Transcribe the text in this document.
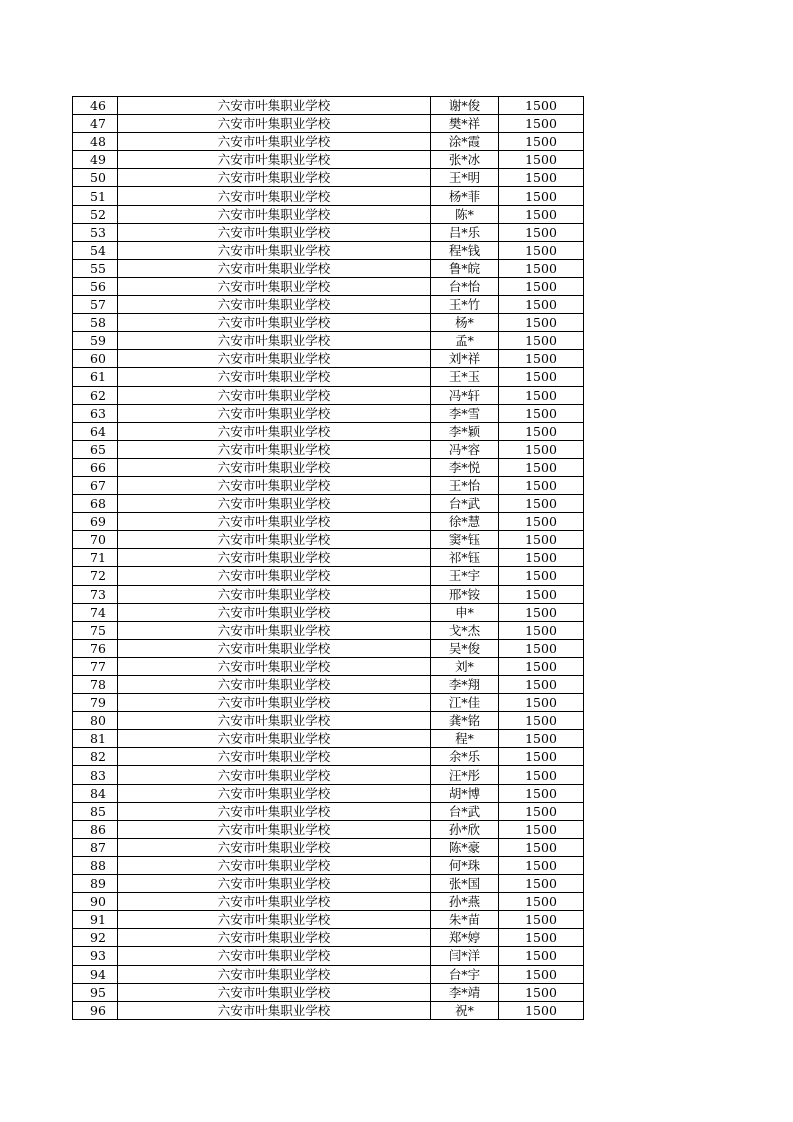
46	六安市叶集职业学校	谢*俊	1500
47	六安市叶集职业学校	樊*祥	1500
48	六安市叶集职业学校	涂*霞	1500
49	六安市叶集职业学校	张*冰	1500
50	六安市叶集职业学校	王*明	1500
51	六安市叶集职业学校	杨*菲	1500
52	六安市叶集职业学校	陈*	1500
53	六安市叶集职业学校	吕*乐	1500
54	六安市叶集职业学校	程*钱	1500
55	六安市叶集职业学校	鲁*皖	1500
56	六安市叶集职业学校	台*怡	1500
57	六安市叶集职业学校	王*竹	1500
58	六安市叶集职业学校	杨*	1500
59	六安市叶集职业学校	孟*	1500
60	六安市叶集职业学校	刘*祥	1500
61	六安市叶集职业学校	王*玉	1500
62	六安市叶集职业学校	冯*轩	1500
63	六安市叶集职业学校	李*雪	1500
64	六安市叶集职业学校	李*颖	1500
65	六安市叶集职业学校	冯*容	1500
66	六安市叶集职业学校	李*悦	1500
67	六安市叶集职业学校	王*怡	1500
68	六安市叶集职业学校	台*武	1500
69	六安市叶集职业学校	徐*慧	1500
70	六安市叶集职业学校	窦*钰	1500
71	六安市叶集职业学校	祁*钰	1500
72	六安市叶集职业学校	王*宇	1500
73	六安市叶集职业学校	邢*铵	1500
74	六安市叶集职业学校	申*	1500
75	六安市叶集职业学校	戈*杰	1500
76	六安市叶集职业学校	吴*俊	1500
77	六安市叶集职业学校	刘*	1500
78	六安市叶集职业学校	李*翔	1500
79	六安市叶集职业学校	江*佳	1500
80	六安市叶集职业学校	龚*铭	1500
81	六安市叶集职业学校	程*	1500
82	六安市叶集职业学校	余*乐	1500
83	六安市叶集职业学校	汪*彤	1500
84	六安市叶集职业学校	胡*博	1500
85	六安市叶集职业学校	台*武	1500
86	六安市叶集职业学校	孙*欣	1500
87	六安市叶集职业学校	陈*豪	1500
88	六安市叶集职业学校	何*珠	1500
89	六安市叶集职业学校	张*国	1500
90	六安市叶集职业学校	孙*燕	1500
91	六安市叶集职业学校	朱*苗	1500
92	六安市叶集职业学校	郑*婷	1500
93	六安市叶集职业学校	闫*洋	1500
94	六安市叶集职业学校	台*宇	1500
95	六安市叶集职业学校	李*靖	1500
96	六安市叶集职业学校	祝*	1500
